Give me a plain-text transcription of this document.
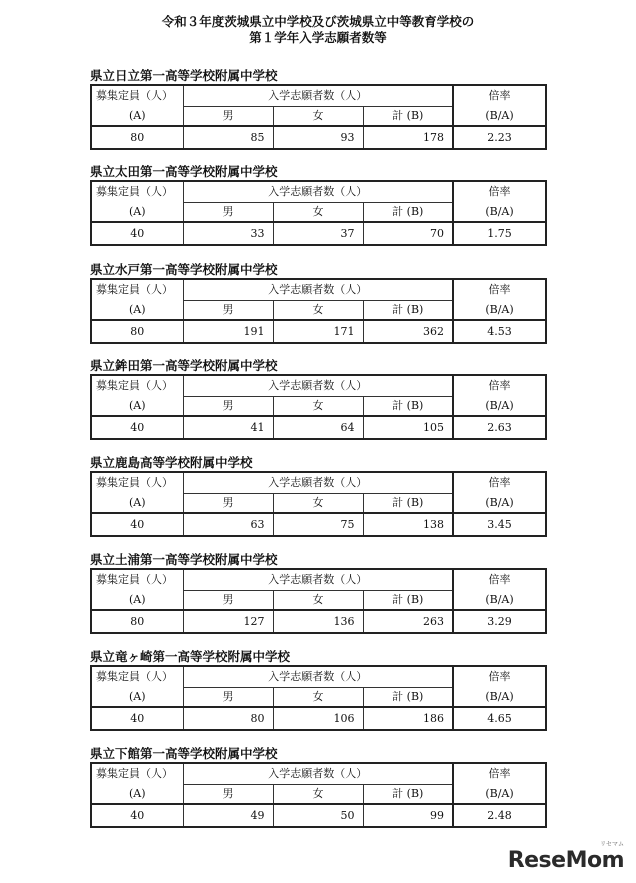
令和３年度茨城県立中学校及び茨城県立中等教育学校の
第１学年入学志願者数等
県立日立第一高等学校附属中学校
募集定員（人）	入学志願者数（人）			倍率
(A)	男	女	計 (B)	(B/A)
80	85	93	178	2.23
県立太田第一高等学校附属中学校
募集定員（人）	入学志願者数（人）			倍率
(A)	男	女	計 (B)	(B/A)
40	33	37	70	1.75
県立水戸第一高等学校附属中学校
募集定員（人）	入学志願者数（人）			倍率
(A)	男	女	計 (B)	(B/A)
80	191	171	362	4.53
県立鉾田第一高等学校附属中学校
募集定員（人）	入学志願者数（人）			倍率
(A)	男	女	計 (B)	(B/A)
40	41	64	105	2.63
県立鹿島高等学校附属中学校
募集定員（人）	入学志願者数（人）			倍率
(A)	男	女	計 (B)	(B/A)
40	63	75	138	3.45
県立土浦第一高等学校附属中学校
募集定員（人）	入学志願者数（人）			倍率
(A)	男	女	計 (B)	(B/A)
80	127	136	263	3.29
県立竜ヶ崎第一高等学校附属中学校
募集定員（人）	入学志願者数（人）			倍率
(A)	男	女	計 (B)	(B/A)
40	80	106	186	4.65
県立下館第一高等学校附属中学校
募集定員（人）	入学志願者数（人）			倍率
(A)	男	女	計 (B)	(B/A)
40	49	50	99	2.48
リセマム
ReseMom
